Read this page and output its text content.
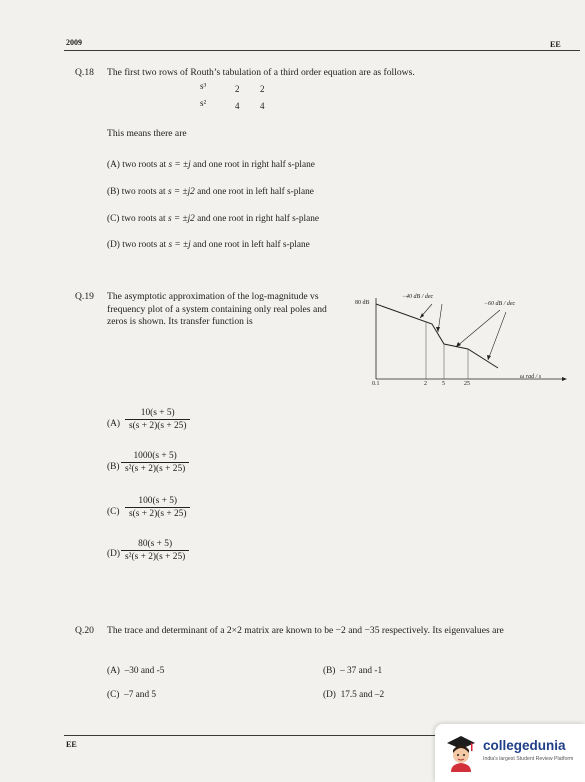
2009	EE
Q.18 The first two rows of Routh’s tabulation of a third order equation are as follows.
s³	2 2
s²	4 4
This means there are
(A) two roots at s = ±j and one root in right half s-plane
(B) two roots at s = ±j2 and one root in left half s-plane
(C) two roots at s = ±j2 and one root in right half s-plane
(D) two roots at s = ±j and one root in left half s-plane
Q.19 The asymptotic approximation of the log-magnitude vs frequency plot of a system containing only real poles and zeros is shown. Its transfer function is
80 dB
−40 dB / dec
−60 dB / dec
0.1	2	5	25
ω rad / s
(A)
10(s + 5)
s(s + 2)(s + 25)
(B)
1000(s + 5)
s²(s + 2)(s + 25)
(C)
100(s + 5)
s(s + 2)(s + 25)
(D)
80(s + 5)
s²(s + 2)(s + 25)
Q.20 The trace and determinant of a 2×2 matrix are known to be −2 and −35 respectively. Its eigenvalues are
(A) –30 and -5	(B) – 37 and -1
(C) –7 and 5	(D) 17.5 and –2
EE	collegedunia
India's largest Student Review Platform
